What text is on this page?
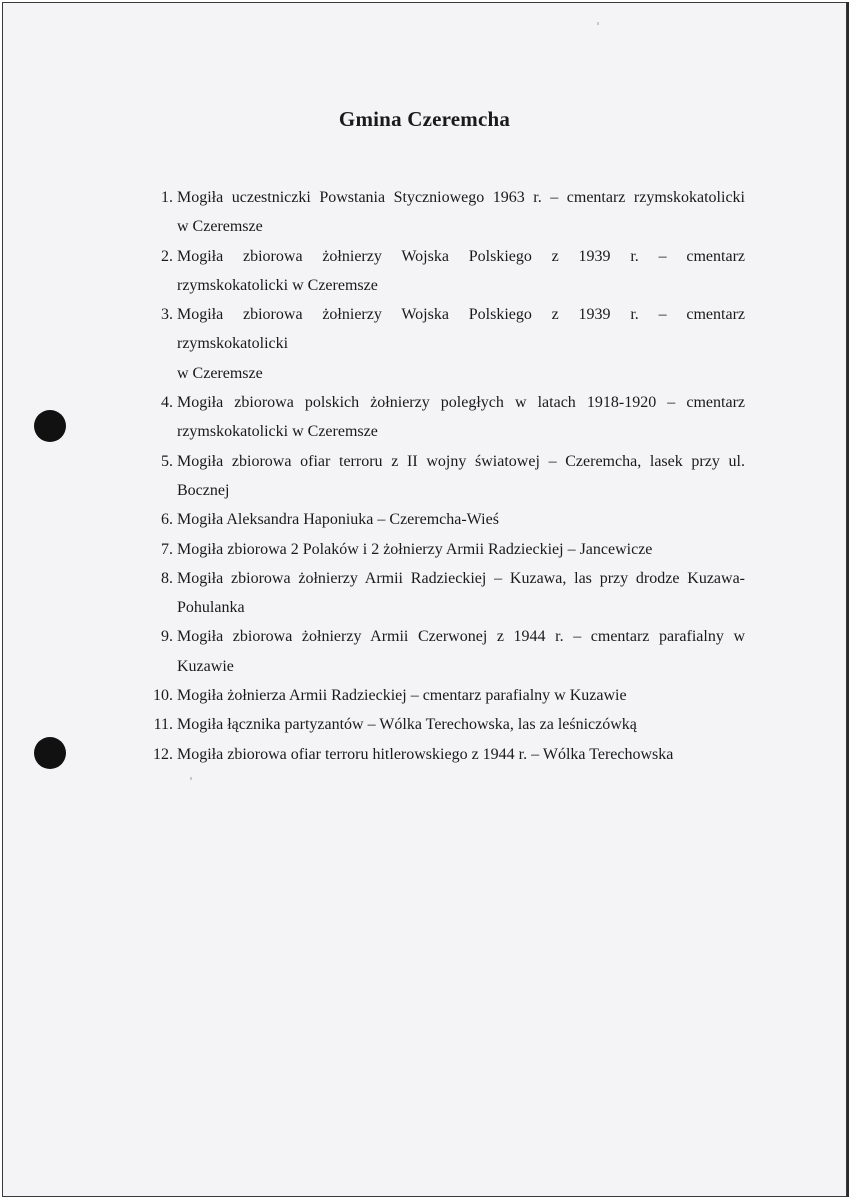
Gmina Czeremcha
1. Mogiła uczestniczki Powstania Styczniowego 1963 r. – cmentarz rzymskokatolicki
w Czeremsze
2. Mogiła zbiorowa żołnierzy Wojska Polskiego z 1939 r. – cmentarz
rzymskokatolicki w Czeremsze
3. Mogiła zbiorowa żołnierzy Wojska Polskiego z 1939 r. – cmentarz
rzymskokatolicki
w Czeremsze
4. Mogiła zbiorowa polskich żołnierzy poległych w latach 1918-1920 – cmentarz
rzymskokatolicki w Czeremsze
5. Mogiła zbiorowa ofiar terroru z II wojny światowej – Czeremcha, lasek przy ul.
Bocznej
6. Mogiła Aleksandra Haponiuka – Czeremcha-Wieś
7. Mogiła zbiorowa 2 Polaków i 2 żołnierzy Armii Radzieckiej – Jancewicze
8. Mogiła zbiorowa żołnierzy Armii Radzieckiej – Kuzawa, las przy drodze Kuzawa-
Pohulanka
9. Mogiła zbiorowa żołnierzy Armii Czerwonej z 1944 r. – cmentarz parafialny w
Kuzawie
10. Mogiła żołnierza Armii Radzieckiej – cmentarz parafialny w Kuzawie
11. Mogiła łącznika partyzantów – Wólka Terechowska, las za leśniczówką
12. Mogiła zbiorowa ofiar terroru hitlerowskiego z 1944 r. – Wólka Terechowska
